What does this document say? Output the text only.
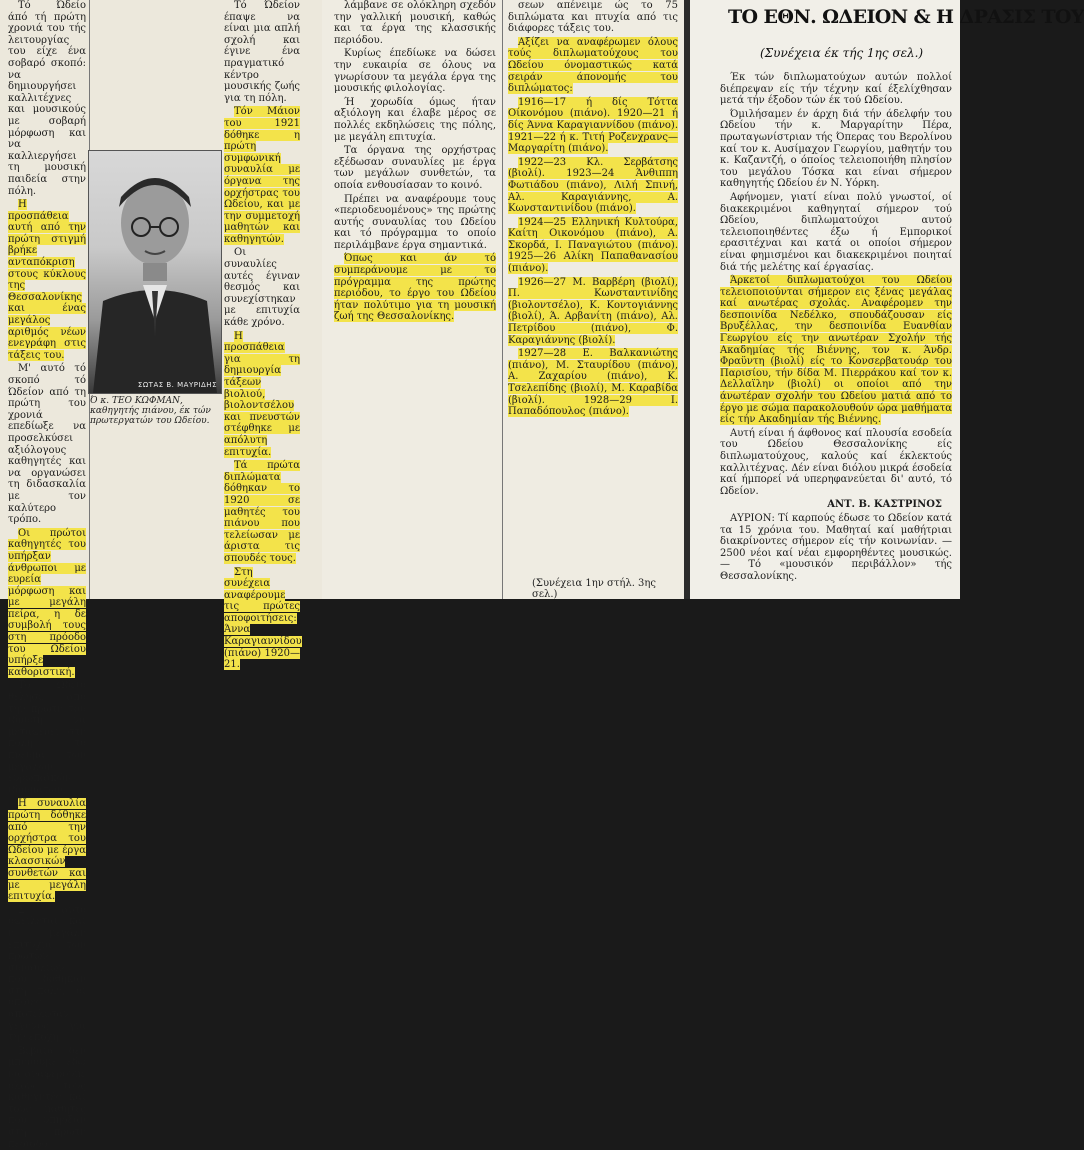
Τό Ώδείο άπό τή πρώτη χρονιά του τής λειτουργίας του είχε ένα σοβαρό σκοπό: να δημιουργήσει καλλιτέχνες και μουσικούς με σοβαρή μόρφωση και να καλλιεργήσει τη μουσική παιδεία στην πόλη.

Η προσπάθεια αυτή από την πρώτη στιγμή βρήκε ανταπόκριση στους κύκλους της Θεσσαλονίκης και ένας μεγάλος αριθμός νέων ενεγράφη στις τάξεις του.

Μ' αυτό τό σκοπό τό Ώδείον από τη πρώτη του χρονιά επεδίωξε να προσελκύσει αξιόλογους καθηγητές και να οργανώσει τη διδασκαλία με τον καλύτερο τρόπο.

Οι πρώτοι καθηγητές του υπήρξαν άνθρωποι με ευρεία μόρφωση και με μεγάλη πείρα, η δε συμβολή τους στη πρόοδο του Ωδείου υπήρξε καθοριστική.

Τό Ώδείο θέλησε από την πρώτη του ίδρυση να μεταφέρει στη πόλη το πνεύμα των μεγάλων ευρωπαϊκών ιδρυμάτων.

Η συναυλία πρώτη δόθηκε από την ορχήστρα του Ωδείου με έργα κλασσικών συνθετών και με μεγάλη επιτυχία.

Σ' αυτό οφείλεται και η μεγάλη επιτυχία των πρώτων συναυλιών που δόθηκαν στη πόλη, οι οποίες αποτέλεσαν γεγονός για την εποχή.

Βέβαια δεν μπορούμε εδώ να αναφέρουμε όλους τους καθηγητές και τους μαθητές που υπήρξαν στη πρώτη περίοδο.

Τό Ώδείον έπαψε να είναι μια απλή σχολή και έγινε ένα πραγματικό κέντρο μουσικής ζωής για τη πόλη.

Τόν Μάιον του 1921 δόθηκε η πρώτη συμφωνική συναυλία με όργανα της ορχήστρας του Ωδείου, και με την συμμετοχή μαθητών και καθηγητών.

Οι συναυλίες αυτές έγιναν θεσμός και συνεχίστηκαν με επιτυχία κάθε χρόνο.

Η προσπάθεια για τη δημιουργία τάξεων βιολιού, βιολοντσέλου και πνευστών στέφθηκε με απόλυτη επιτυχία.

Τά πρώτα διπλώματα δόθηκαν το 1920 σε μαθητές του πιάνου που τελείωσαν με άριστα τις σπουδές τους.

Στη συνέχεια αναφέρουμε τις πρώτες αποφοιτήσεις: Άννα Καραγιαννίδου (πιάνο) 1920—21.

ΣΩΤΑΣ Β. ΜΑΥΡΙΔΗΣ
Ό κ. ΤΕΟ ΚΩΦΜΑΝ, καθηγητής πιάνου, έκ τών πρωτεργατών του Ωδείου.

λάμβανε σε ολόκληρη σχεδόν την γαλλική μουσική, καθώς και τα έργα της κλασσικής περιόδου.

Κυρίως έπεδίωκε να δώσει την ευκαιρία σε όλους να γνωρίσουν τα μεγάλα έργα της μουσικής φιλολογίας.

Ή χορωδία όμως ήταν αξιόλογη και έλαβε μέρος σε πολλές εκδηλώσεις της πόλης, με μεγάλη επιτυχία.

Τα όργανα της ορχήστρας εξέδωσαν συναυλίες με έργα των μεγάλων συνθετών, τα οποία ενθουσίασαν το κοινό.

Πρέπει να αναφέρουμε τους «περιοδευομένους» της πρώτης αυτής συναυλίας του Ωδείου και τό πρόγραμμα το οποίο περιλάμβανε έργα σημαντικά.

Όπως και άν τό συμπεράνουμε με το πρόγραμμα της πρώτης περιόδου, το έργο του Ωδείου ήταν πολύτιμο για τη μουσική ζωή της Θεσσαλονίκης.

σεων απένειμε ώς το 75 διπλώματα και πτυχία από τις διάφορες τάξεις του.

Αξίζει να αναφέρωμεν όλους τούς διπλωματούχους του Ωδείου όνομαστικώς κατά σειράν άπονομής του διπλώματος:

1916—17 ή δίς Τόττα Οίκονόμου (πιάνο). 1920—21 ή δίς Άννα Καραγιαννίδου (πιάνο). 1921—22 ή κ. Τιτή Ροζενχρανς—Μαργαρίτη (πιάνο).

1922—23 Κλ. Σερβάτσης (βιολί). 1923—24 Άνθιππη Φωτιάδου (πιάνο), Λιλή Σπινή, Αλ. Καραγιάννης, Α. Κωνσταντινίδου (πιάνο).

1924—25 Ελληνική Κυλτούρα, Καίτη Οικονόμου (πιάνο), Α. Σκορδά, Ι. Παναγιώτου (πιάνο). 1925—26 Αλίκη Παπαθανασίου (πιάνο).

1926—27 Μ. Βαρβέρη (βιολί), Π. Κωνσταντινίδης (βιολοντσέλο), Κ. Κοντογιάννης (βιολί), Ά. Αρβανίτη (πιάνο), Αλ. Πετρίδου (πιάνο), Φ. Καραγιάννης (βιολί).

1927—28 Ε. Βαλκανιώτης (πιάνο), Μ. Σταυρίδου (πιάνο), Α. Ζαχαρίου (πιάνο), Κ. Τσελεπίδης (βιολί), Μ. Καραβίδα (βιολί). 1928—29 Ι. Παπαδόπουλος (πιάνο).

(Συνέχεια 1ην στήλ. 3ης σελ.)

Έκ τών διπλωματούχων αυτών πολλοί διέπρεψαν είς τήν τέχνην καί έξελίχθησαν μετά τήν έξοδον τών έκ τού Ωδείου.

Όμιλήσαμεν έν άρχη διά τήν άδελφήν του Ωδείου τήν κ. Μαργαρίτην Πέρα, πρωταγωνίστριαν τής Όπερας του Βερολίνου καί τον κ. Αυσίμαχον Γεωργίου, μαθητήν του κ. Καζαντζή, ο όποίος τελειοποιήθη πλησίον του μεγάλου Τόσκα και είναι σήμερον καθηγητής Ωδείου έν Ν. Υόρκη.

Αφήνομεν, γιατί είναι πολύ γνωστοί, οί διακεκριμένοι καθηγηταί σήμερον τού Ωδείου, διπλωματούχοι αυτού τελειοποιηθέντες έξω ή Εμπορικοί ερασιτέχναι και κατά οι οποίοι σήμερον είναι φημισμένοι και διακεκριμένοι ποιηταί διά τής μελέτης καί έργασίας.

Άρκετοί διπλωματούχοι του Ωδείου τελειοποιούνται σήμερον εις ξένας μεγάλας καί ανωτέρας σχολάς. Αναφέρομεν την δεσποινίδα Νεδέλκο, σπουδάζουσαν είς Βρυξέλλας, την δεσποινίδα Ευανθίαν Γεωργίου είς την ανωτέραν Σχολήν τής Ακαδημίας τής Βιέννης, τον κ. Άνδρ. Φραϋντη (βιολί) είς το Κονσερβατουάρ του Παρισίου, τήν δίδα Μ. Πιερράκου καί τον κ. Δελλαϊλην (βιολί) οι οποίοι από την άνωτέραν σχολήν του Ωδείου ματιά από το έργο με σώμα παρακολουθούν ώρα μαθήματα είς τήν Ακαδημίαν τής Βιέννης.

Αυτή είναι ή άφθονος καί πλουσία εσοδεία του Ωδείου Θεσσαλονίκης είς διπλωματούχους, καλούς καί έκλεκτούς καλλιτέχνας. Δέν είναι διόλου μικρά έσοδεία καί ήμπορεί νά υπερηφανεύεται δι' αυτό, τό Ωδείον.

ΑΝΤ. Β. ΚΑΣΤΡΙΝΟΣ

ΑΥΡΙΟΝ: Τί καρπούς έδωσε το Ωδείον κατά τα 15 χρόνια του. Μαθηταί καί μαθήτριαι διακρίνοντες σήμερον είς τήν κοινωνίαν. — 2500 νέοι καί νέαι εμφορηθέντες μουσικώς. — Τό «μουσικόν περιβάλλον» τής Θεσσαλονίκης.

ΤΟ ΕΘΝ. ΩΔΕΙΟΝ & Η ΔΡΑΣΙΣ ΤΟΥ
(Συνέχεια έκ τής 1ης σελ.)
